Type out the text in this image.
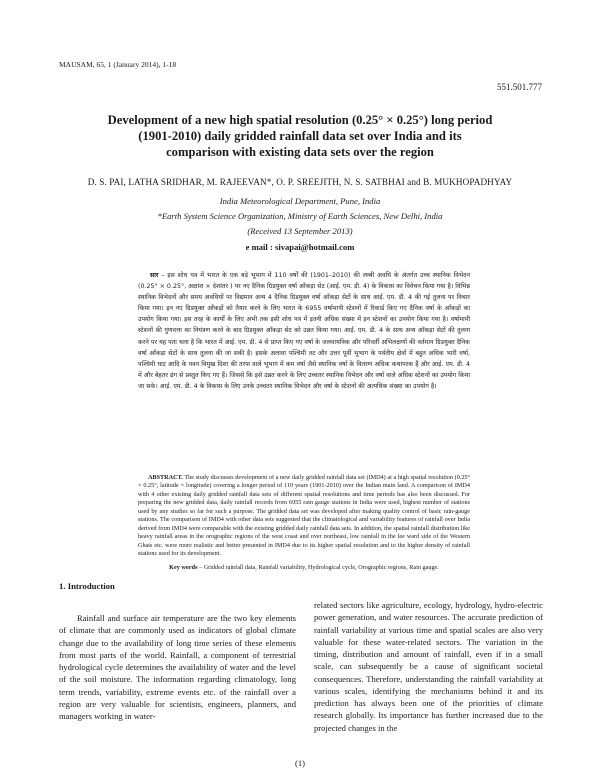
MAUSAM, 65, 1 (January 2014), 1-18
551.501.777
Development of a new high spatial resolution (0.25° × 0.25°) long period
(1901-2010) daily gridded rainfall data set over India and its
comparison with existing data sets over the region
D. S. PAI, LATHA SRIDHAR, M. RAJEEVAN*, O. P. SREEJITH, N. S. SATBHAI and B. MUKHOPADHYAY
India Meteorological Department, Pune, India
*Earth System Science Organization, Ministry of Earth Sciences, New Delhi, India
(Received 13 September 2013)
e mail : sivapai@hotmail.com
सार – इस शोध पत्र में भारत के एक बड़े भूभाग में 110 वर्षों की (1901–2010) की लम्बी अवधि के अंतर्गत उच्च स्थानिक विभेदन (0.25° × 0.25°, अक्षांश × देशांतर ) पर नए दैनिक ग्रिडयुक्त वर्षा आँकड़ा सेट (आई. एम. डी. 4) के विकास का विवेचन किया गया है। विभिन्न स्थानिक विभेदनों और समय अवधियों पर विद्यमान अन्य 4 दैनिक ग्रिडयुक्त वर्षा आँकड़ा सेटों के साथ आई. एम. डी. 4 की गई तुलना पर विचार किया गया। इन नए ग्रिडयुक्त आँकड़ों को तैयार करने के लिए भारत के 6955 वर्षामापी स्टेशनों में रिकार्ड किए गए दैनिक वर्षा के आँकड़ों का उपयोग किया गया। इस तरह के कार्यों के लिए अभी तक इसी शोध पत्र में इतनी अधिक संख्या में इन स्टेशनों का उपयोग किया गया है। वर्षामापी स्टेशनों की गुणवत्ता का नियंत्रण करने के बाद ग्रिडयुक्त आँकड़ा सेट को उन्नत किया गया। आई. एम. डी. 4 के साथ अन्य आँकड़ा सेटों की तुलना करने पर यह पता चला है कि भारत में आई. एम. डी. 4 से प्राप्त किए गए वर्षा के जलवायविक और परिवर्ती अभिलक्षणों की वर्तमान ग्रिडयुक्त दैनिक वर्षा आँकड़ा सेटों के साथ तुलना की जा सकी है। इसके अलावा पश्चिमी तट और उत्तर पूर्वी भूभाग के पर्वतीय क्षेत्रों में बहुत अधिक भारी वर्षा, पश्चिमी घाट आदि के पवन विमुख दिशा की तरफ वाले भूभाग में कम वर्षा जैसे स्थानिक वर्षा के वितरण अधिक कथापरक हैं और आई. एम. डी. 4 में और बेहतर ढंग से प्रस्तुत किए गए हैं। जिससे कि इसे उन्नत करने के लिए उच्चतर स्थानिक विभेदन और वर्षा वाले अधिक स्टेशनों का उपयोग किया जा सके। आई. एम. डी. 4 के विकास के लिए उनके उच्चतर स्थानिक विभेदन और वर्षा के स्टेशनों की अत्यधिक संख्या का उपयोग है।
ABSTRACT. The study discusses development of a new daily gridded rainfall data set (IMD4) at a high spatial resolution (0.25° × 0.25°, latitude × longitude) covering a longer period of 110 years (1901-2010) over the Indian main land. A comparison of IMD4 with 4 other existing daily gridded rainfall data sets of different spatial resolutions and time periods has also been discussed. For preparing the new gridded data, daily rainfall records from 6955 rain gauge stations in India were used, highest number of stations used by any studies so far for such a purpose. The gridded data set was developed after making quality control of basic rain-gauge stations. The comparison of IMD4 with other data sets suggested that the climatological and variability features of rainfall over India derived from IMD4 were comparable with the existing gridded daily rainfall data sets. In addition, the spatial rainfall distribution like heavy rainfall areas in the orographic regions of the west coast and over northeast, low rainfall in the lee ward side of the Western Ghats etc. were more realistic and better presented in IMD4 due to its higher spatial resolution and to the higher density of rainfall stations used for its development.
Key words – Gridded rainfall data, Rainfall variability, Hydrological cycle, Orographic regions, Rain gauge.
1. Introduction
Rainfall and surface air temperature are the two key elements of climate that are commonly used as indicators of global climate change due to the availability of long time series of these elements from most parts of the world. Rainfall, a component of terrestrial hydrological cycle determines the availability of water and the level of the soil moisture. The information regarding climatology, long term trends, variability, extreme events etc. of the rainfall over a region are very valuable for scientists, engineers, planners, and managers working in water-
related sectors like agriculture, ecology, hydrology, hydro-electric power generation, and water resources. The accurate prediction of rainfall variability at various time and spatial scales are also very valuable for these water-related sectors. The variation in the timing, distribution and amount of rainfall, even if in a small scale, can subsequently be a cause of significant societal consequences. Therefore, understanding the rainfall variability at various scales, identifying the mechanisms behind it and its prediction has always been one of the priorities of climate research globally. Its importance has further increased due to the projected changes in the
(1)
